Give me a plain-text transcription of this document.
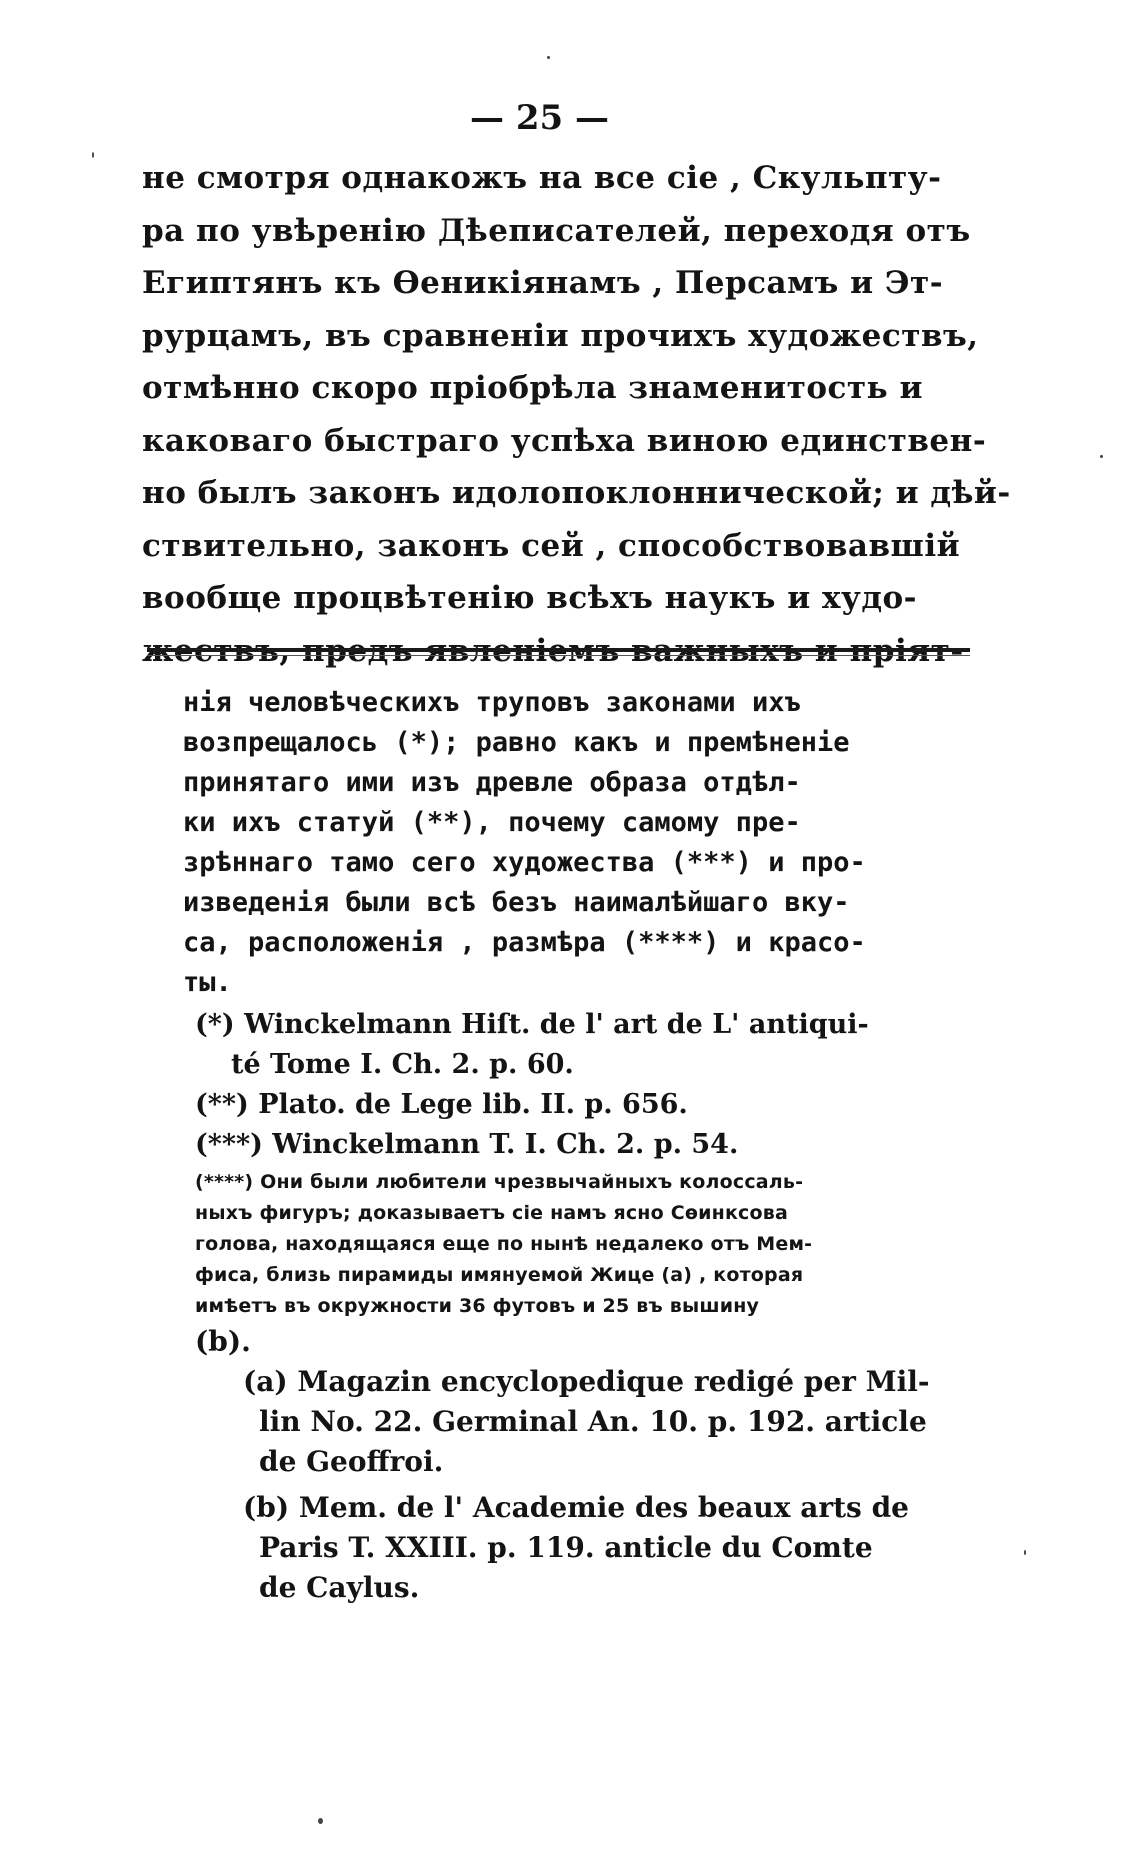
— 25 —
не смотря однакожъ на все сіе , Скульпту-
ра по увѣренію Дѣеписателей, переходя отъ
Египтянъ къ Ѳеникіянамъ , Персамъ и Эт-
рурцамъ, въ сравненіи прочихъ художествъ,
отмѣнно скоро пріобрѣла знаменитость и
каковаго быстраго успѣха виною единствен-
но былъ законъ идолопоклоннической; и дѣй-
ствительно, законъ сей , способствовавшій
вообще процвѣтенію всѣхъ наукъ и худо-
жествъ, предъ явленіемъ важныхъ и пріят-
нія человѣческихъ труповъ законами ихъ
возпрещалось (*); равно какъ и премѣненіе
принятаго ими изъ древле образа отдѣл-
ки ихъ статуй (**), почему самому пре-
зрѣннаго тамо сего художества (***) и про-
изведенія были всѣ безъ наималѣйшаго вку-
са, расположенія , размѣра (****) и красо-
ты.
(*) Winckelmann Hiſt. de l' art de L' antiqui-
té Tome I. Ch. 2. p. 60.
(**) Plato. de Lege lib. II. p. 656.
(***) Winckelmann T. I. Ch. 2. p. 54.
(****) Они были любители чрезвычайныхъ колоссаль-
ныхъ фигуръ; доказываетъ сіе намъ ясно Сѳинксова
голова, находящаяся еще по нынѣ недалеко отъ Мем-
фиса, близь пирамиды имянуемой Жице (а) , которая
имѣетъ въ окружности 36 футовъ и 25 въ вышину
(b).
(a) Magazin encyclopedique redigé per Mil-
lin No. 22. Germinal An. 10. p. 192. article
de Geoffroi.
(b) Mem. de l' Academie des beaux arts de
Paris T. XXIII. p. 119. anticle du Comte
de Caylus.
